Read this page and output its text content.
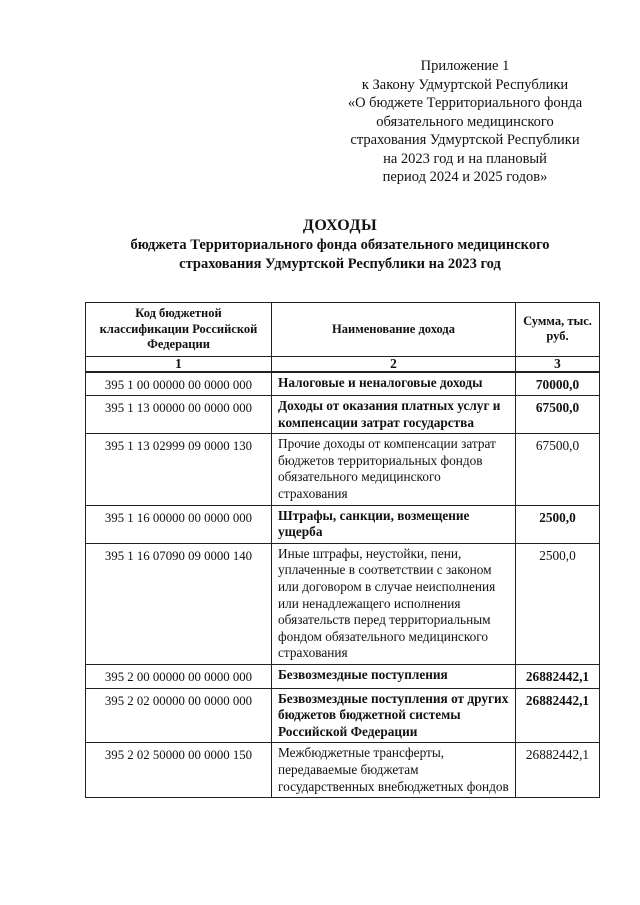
Приложение 1
к Закону Удмуртской Республики
«О бюджете Территориального фонда
обязательного медицинского
страхования Удмуртской Республики
на 2023 год и на плановый
период 2024 и 2025 годов»
ДОХОДЫ
бюджета Территориального фонда обязательного медицинского
страхования Удмуртской Республики на 2023 год
Код бюджетной классификации Российской Федерации	Наименование дохода	Сумма, тыс. руб.
1	2	3
395 1 00 00000 00 0000 000	Налоговые и неналоговые доходы	70000,0
395 1 13 00000 00 0000 000	Доходы от оказания платных услуг и компенсации затрат государства	67500,0
395 1 13 02999 09 0000 130	Прочие доходы от компенсации затрат бюджетов территориальных фондов обязательного медицинского страхования	67500,0
395 1 16 00000 00 0000 000	Штрафы, санкции, возмещение ущерба	2500,0
395 1 16 07090 09 0000 140	Иные штрафы, неустойки, пени, уплаченные в соответствии с законом или договором в случае неисполнения или ненадлежащего исполнения обязательств перед территориальным фондом обязательного медицинского страхования	2500,0
395 2 00 00000 00 0000 000	Безвозмездные поступления	26882442,1
395 2 02 00000 00 0000 000	Безвозмездные поступления от других бюджетов бюджетной системы Российской Федерации	26882442,1
395 2 02 50000 00 0000 150	Межбюджетные трансферты, передаваемые бюджетам государственных внебюджетных фондов	26882442,1
